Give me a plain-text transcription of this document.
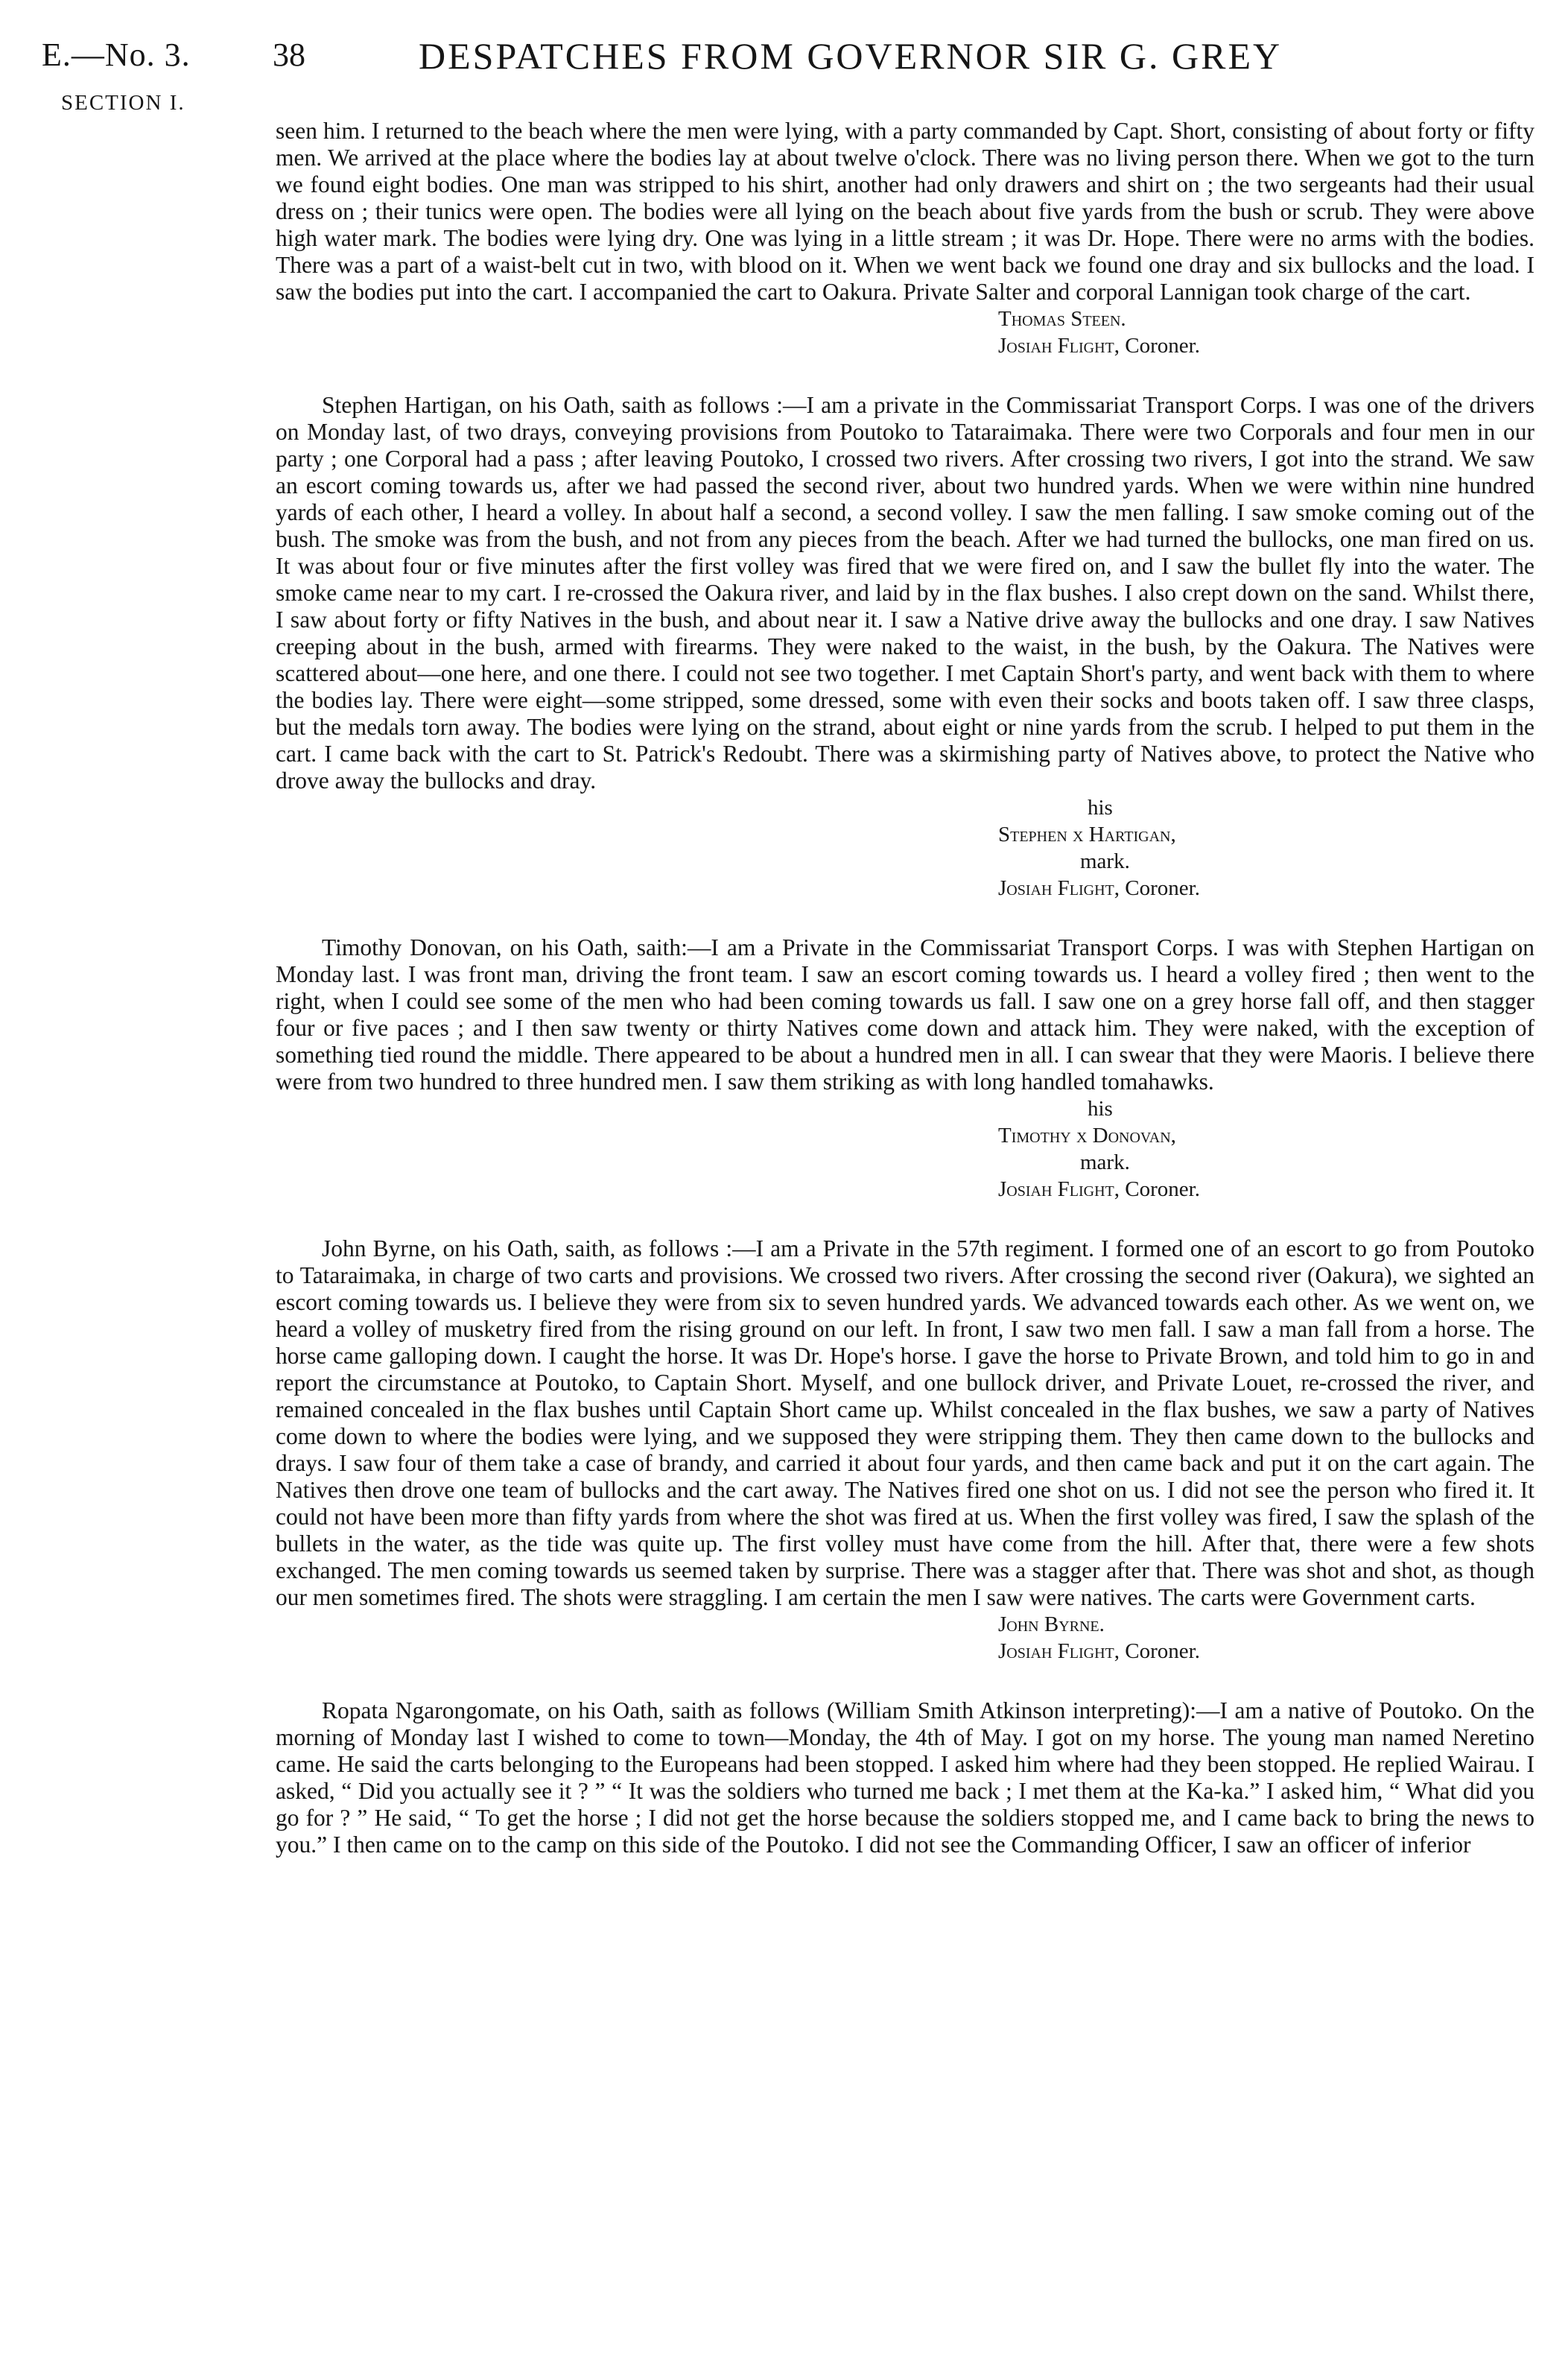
E.—No. 3.
SECTION I.
38	DESPATCHES FROM GOVERNOR SIR G. GREY

seen him. I returned to the beach where the men were lying, with a party commanded by Capt. Short, consisting of about forty or fifty men. We arrived at the place where the bodies lay at about twelve o'clock. There was no living person there. When we got to the turn we found eight bodies. One man was stripped to his shirt, another had only drawers and shirt on ; the two sergeants had their usual dress on ; their tunics were open. The bodies were all lying on the beach about five yards from the bush or scrub. They were above high water mark. The bodies were lying dry. One was lying in a little stream ; it was Dr. Hope. There were no arms with the bodies. There was a part of a waist-belt cut in two, with blood on it. When we went back we found one dray and six bullocks and the load. I saw the bodies put into the cart. I accompanied the cart to Oakura. Private Salter and corporal Lannigan took charge of the cart.

Thomas Steen.
Josiah Flight, Coroner.

Stephen Hartigan, on his Oath, saith as follows :—I am a private in the Commissariat Transport Corps. I was one of the drivers on Monday last, of two drays, conveying provisions from Poutoko to Tataraimaka. There were two Corporals and four men in our party ; one Corporal had a pass ; after leaving Poutoko, I crossed two rivers. After crossing two rivers, I got into the strand. We saw an escort coming towards us, after we had passed the second river, about two hundred yards. When we were within nine hundred yards of each other, I heard a volley. In about half a second, a second volley. I saw the men falling. I saw smoke coming out of the bush. The smoke was from the bush, and not from any pieces from the beach. After we had turned the bullocks, one man fired on us. It was about four or five minutes after the first volley was fired that we were fired on, and I saw the bullet fly into the water. The smoke came near to my cart. I re-crossed the Oakura river, and laid by in the flax bushes. I also crept down on the sand. Whilst there, I saw about forty or fifty Natives in the bush, and about near it. I saw a Native drive away the bullocks and one dray. I saw Natives creeping about in the bush, armed with firearms. They were naked to the waist, in the bush, by the Oakura. The Natives were scattered about—one here, and one there. I could not see two together. I met Captain Short's party, and went back with them to where the bodies lay. There were eight—some stripped, some dressed, some with even their socks and boots taken off. I saw three clasps, but the medals torn away. The bodies were lying on the strand, about eight or nine yards from the scrub. I helped to put them in the cart. I came back with the cart to St. Patrick's Redoubt. There was a skirmishing party of Natives above, to protect the Native who drove away the bullocks and dray.

his
Stephen x Hartigan,
mark.
Josiah Flight, Coroner.

Timothy Donovan, on his Oath, saith:—I am a Private in the Commissariat Transport Corps. I was with Stephen Hartigan on Monday last. I was front man, driving the front team. I saw an escort coming towards us. I heard a volley fired ; then went to the right, when I could see some of the men who had been coming towards us fall. I saw one on a grey horse fall off, and then stagger four or five paces ; and I then saw twenty or thirty Natives come down and attack him. They were naked, with the exception of something tied round the middle. There appeared to be about a hundred men in all. I can swear that they were Maoris. I believe there were from two hundred to three hundred men. I saw them striking as with long handled tomahawks.

his
Timothy x Donovan,
mark.
Josiah Flight, Coroner.

John Byrne, on his Oath, saith, as follows :—I am a Private in the 57th regiment. I formed one of an escort to go from Poutoko to Tataraimaka, in charge of two carts and provisions. We crossed two rivers. After crossing the second river (Oakura), we sighted an escort coming towards us. I believe they were from six to seven hundred yards. We advanced towards each other. As we went on, we heard a volley of musketry fired from the rising ground on our left. In front, I saw two men fall. I saw a man fall from a horse. The horse came galloping down. I caught the horse. It was Dr. Hope's horse. I gave the horse to Private Brown, and told him to go in and report the circumstance at Poutoko, to Captain Short. Myself, and one bullock driver, and Private Louet, re-crossed the river, and remained concealed in the flax bushes until Captain Short came up. Whilst concealed in the flax bushes, we saw a party of Natives come down to where the bodies were lying, and we supposed they were stripping them. They then came down to the bullocks and drays. I saw four of them take a case of brandy, and carried it about four yards, and then came back and put it on the cart again. The Natives then drove one team of bullocks and the cart away. The Natives fired one shot on us. I did not see the person who fired it. It could not have been more than fifty yards from where the shot was fired at us. When the first volley was fired, I saw the splash of the bullets in the water, as the tide was quite up. The first volley must have come from the hill. After that, there were a few shots exchanged. The men coming towards us seemed taken by surprise. There was a stagger after that. There was shot and shot, as though our men sometimes fired. The shots were straggling. I am certain the men I saw were natives. The carts were Government carts.

John Byrne.
Josiah Flight, Coroner.

Ropata Ngarongomate, on his Oath, saith as follows (William Smith Atkinson interpreting):—I am a native of Poutoko. On the morning of Monday last I wished to come to town—Monday, the 4th of May. I got on my horse. The young man named Neretino came. He said the carts belonging to the Europeans had been stopped. I asked him where had they been stopped. He replied Wairau. I asked, “ Did you actually see it ? ” “ It was the soldiers who turned me back ; I met them at the Ka-ka.” I asked him, “ What did you go for ? ” He said, “ To get the horse ; I did not get the horse because the soldiers stopped me, and I came back to bring the news to you.” I then came on to the camp on this side of the Poutoko. I did not see the Commanding Officer, I saw an officer of inferior
